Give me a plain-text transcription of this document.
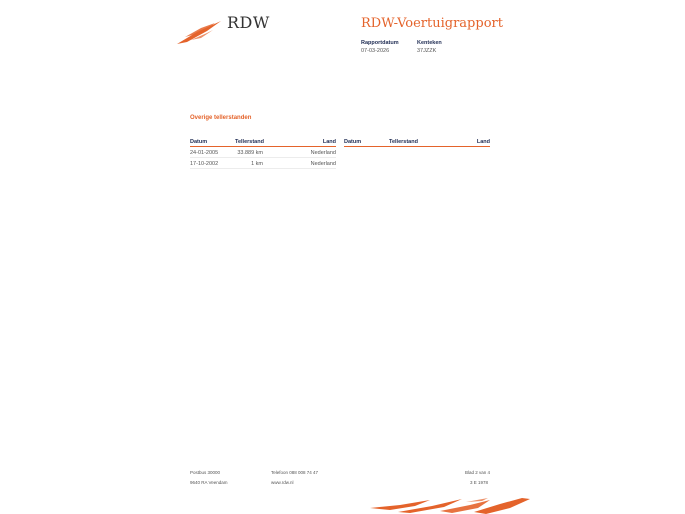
RDW	RDW-Voertuigrapport
Rapportdatum
07-03-2026
Kenteken
37JZZK
Overige tellerstanden
Datum	Tellerstand	Land
24-01-2005	33.889 km	Nederland
17-10-2002	1 km	Nederland
Datum	Tellerstand	Land
Postbus 30000
9640 RA Veendam
Telefoon 088 008 74 47
www.rdw.nl
Blad 2 van 4
3 E 1978
